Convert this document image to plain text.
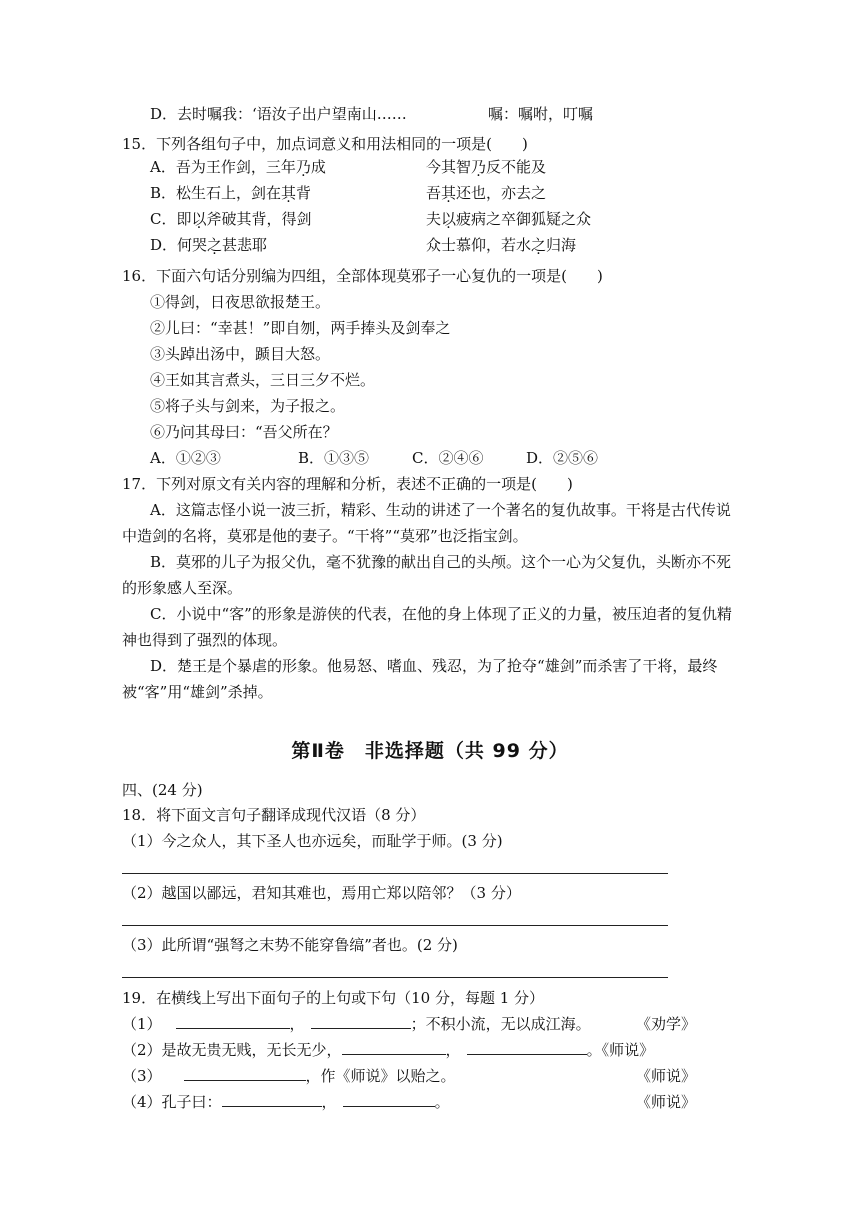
D．去时嘱我：‘语汝子出户望南山……	嘱：嘱咐，叮嘱
15．下列各组句子中，加点词意义和用法相同的一项是(　　)
A．吾为王作剑，三年乃成	今其智乃反不能及
B．松生石上，剑在其背	吾其还也，亦去之
C．即以斧破其背，得剑	夫以疲病之卒御狐疑之众
D．何哭之甚悲耶	众士慕仰，若水之归海
16．下面六句话分别编为四组，全部体现莫邪子一心复仇的一项是(　　)
①得剑，日夜思欲报楚王。
②儿曰：“幸甚！”即自刎，两手捧头及剑奉之
③头踔出汤中，踬目大怒。
④王如其言煮头，三日三夕不烂。
⑤将子头与剑来，为子报之。
⑥乃问其母曰：“吾父所在？
A．①②③	B．①③⑤	C．②④⑥	D．②⑤⑥
17．下列对原文有关内容的理解和分析，表述不正确的一项是(　　)
A．这篇志怪小说一波三折，精彩、生动的讲述了一个著名的复仇故事。干将是古代传说中造剑的名将，莫邪是他的妻子。“干将”“莫邪”也泛指宝剑。
B．莫邪的儿子为报父仇，毫不犹豫的献出自己的头颅。这个一心为父复仇，头断亦不死的形象感人至深。
C．小说中“客”的形象是游侠的代表，在他的身上体现了正义的力量，被压迫者的复仇精神也得到了强烈的体现。
D．楚王是个暴虐的形象。他易怒、嗜血、残忍，为了抢夺“雄剑”而杀害了干将，最终被“客”用“雄剑”杀掉。
第Ⅱ卷　非选择题（共 99 分）
四、(24 分)
18．将下面文言句子翻译成现代汉语（8 分）
（1）今之众人，其下圣人也亦远矣，而耻学于师。(3 分)
（2）越国以鄙远，君知其难也，焉用亡郑以陪邻？（3 分）
（3）此所谓“强弩之末势不能穿鲁缟”者也。(2 分)
19．在横线上写出下面句子的上句或下句（10 分，每题 1 分）
（1）	，	；不积小流，无以成江海。	《劝学》
（2）是故无贵无贱，无长无少，	，	。《师说》
（3）	，作《师说》以贻之。	《师说》
（4）孔子曰：	，	。	《师说》
